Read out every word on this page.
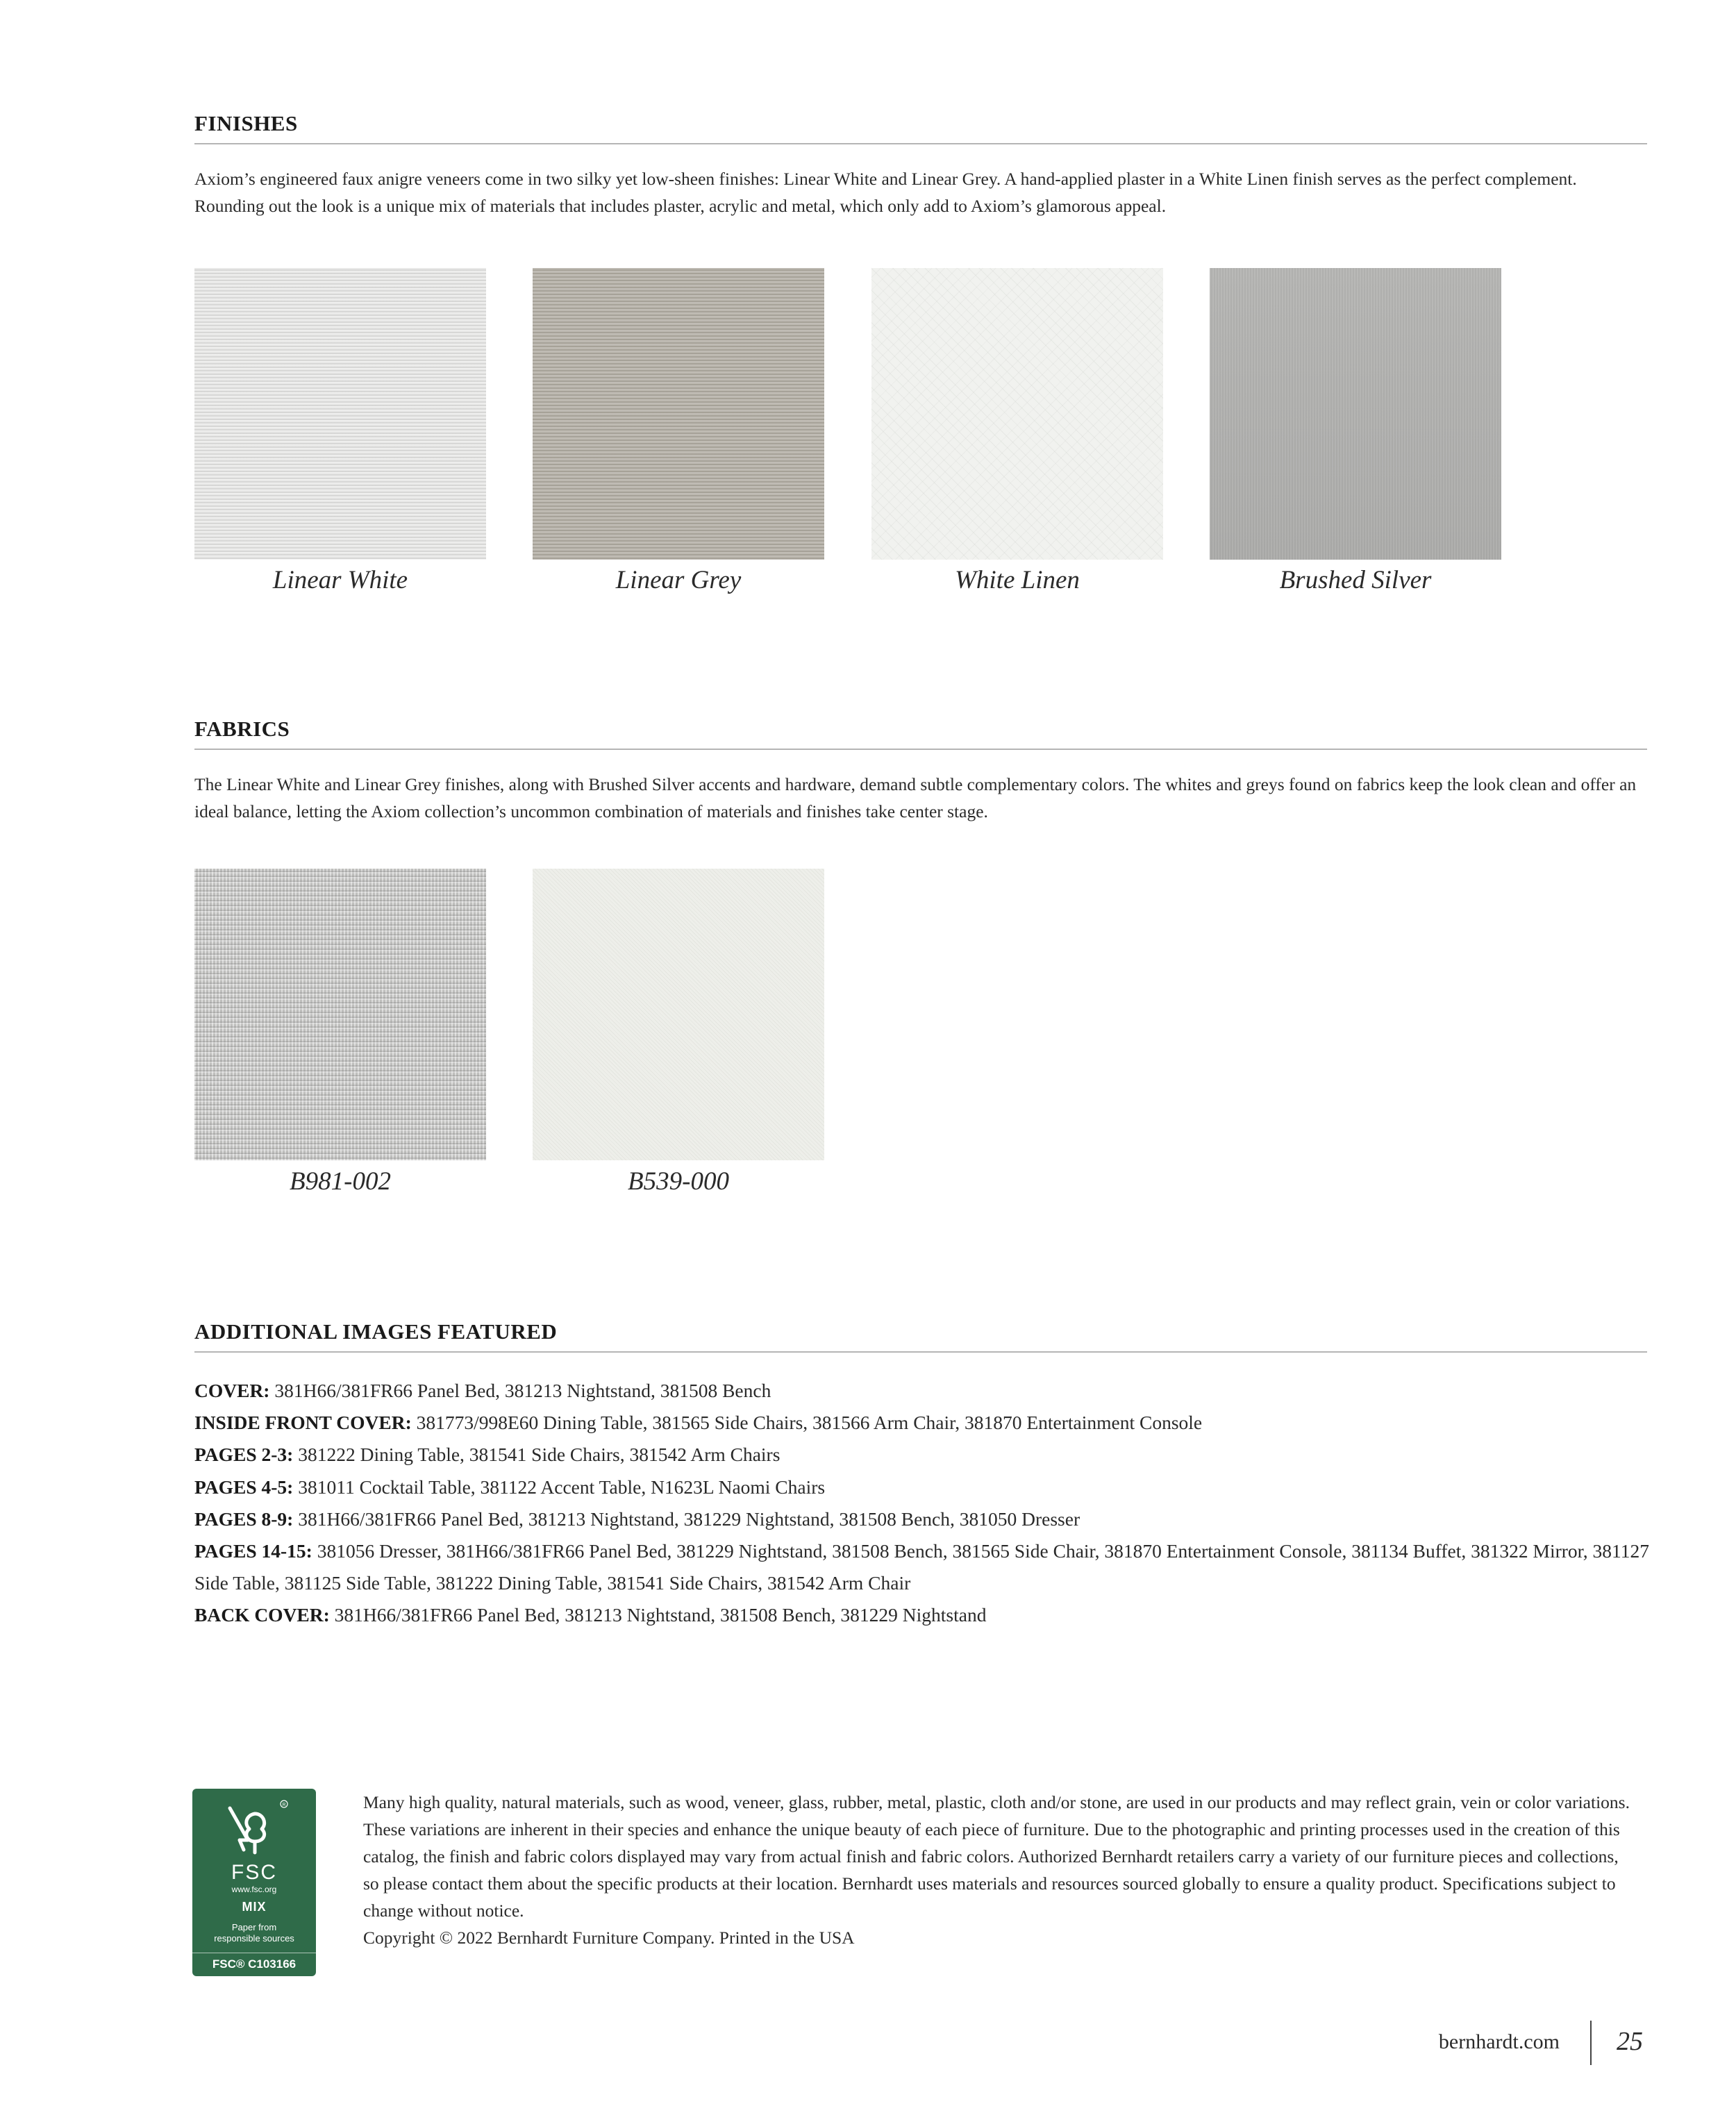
FINISHES
Axiom’s engineered faux anigre veneers come in two silky yet low-sheen finishes: Linear White and Linear Grey. A hand-applied plaster in a White Linen finish serves as the perfect complement. Rounding out the look is a unique mix of materials that includes plaster, acrylic and metal, which only add to Axiom’s glamorous appeal.
Linear White	Linear Grey	White Linen	Brushed Silver
FABRICS
The Linear White and Linear Grey finishes, along with Brushed Silver accents and hardware, demand subtle complementary colors. The whites and greys found on fabrics keep the look clean and offer an ideal balance, letting the Axiom collection’s uncommon combination of materials and finishes take center stage.
B981-002	B539-000
ADDITIONAL IMAGES FEATURED
COVER: 381H66/381FR66 Panel Bed, 381213 Nightstand, 381508 Bench
INSIDE FRONT COVER: 381773/998E60 Dining Table, 381565 Side Chairs, 381566 Arm Chair, 381870 Entertainment Console
PAGES 2-3: 381222 Dining Table, 381541 Side Chairs, 381542 Arm Chairs
PAGES 4-5: 381011 Cocktail Table, 381122 Accent Table, N1623L Naomi Chairs
PAGES 8-9: 381H66/381FR66 Panel Bed, 381213 Nightstand, 381229 Nightstand, 381508 Bench, 381050 Dresser
PAGES 14-15: 381056 Dresser, 381H66/381FR66 Panel Bed, 381229 Nightstand, 381508 Bench, 381565 Side Chair, 381870 Entertainment Console, 381134 Buffet, 381322 Mirror, 381127 Side Table, 381125 Side Table, 381222 Dining Table, 381541 Side Chairs, 381542 Arm Chair
BACK COVER: 381H66/381FR66 Panel Bed, 381213 Nightstand, 381508 Bench, 381229 Nightstand
R
FSC
www.fsc.org
MIX
Paper from
responsible sources
FSC® C103166
Many high quality, natural materials, such as wood, veneer, glass, rubber, metal, plastic, cloth and/or stone, are used in our products and may reflect grain, vein or color variations. These variations are inherent in their species and enhance the unique beauty of each piece of furniture. Due to the photographic and printing processes used in the creation of this catalog, the finish and fabric colors displayed may vary from actual finish and fabric colors. Authorized Bernhardt retailers carry a variety of our furniture pieces and collections, so please contact them about the specific products at their location. Bernhardt uses materials and resources sourced globally to ensure a quality product. Specifications subject to change without notice.
Copyright © 2022 Bernhardt Furniture Company. Printed in the USA
bernhardt.com 25
